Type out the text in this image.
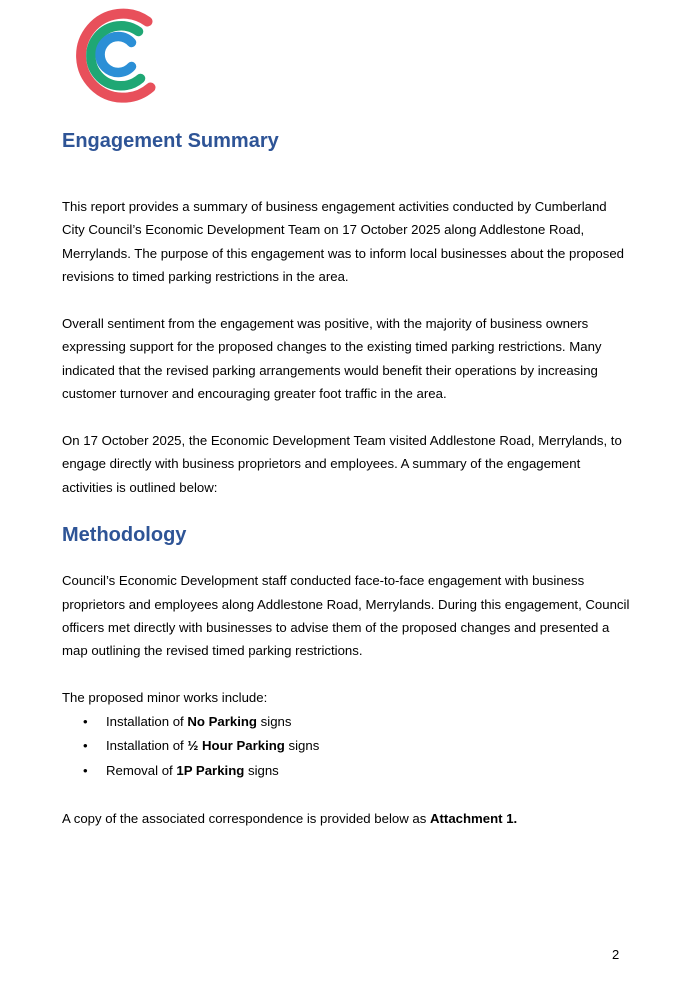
Engagement Summary

This report provides a summary of business engagement activities conducted by Cumberland City Council’s Economic Development Team on 17 October 2025 along Addlestone Road, Merrylands. The purpose of this engagement was to inform local businesses about the proposed revisions to timed parking restrictions in the area.

Overall sentiment from the engagement was positive, with the majority of business owners expressing support for the proposed changes to the existing timed parking restrictions. Many indicated that the revised parking arrangements would benefit their operations by increasing customer turnover and encouraging greater foot traffic in the area.

On 17 October 2025, the Economic Development Team visited Addlestone Road, Merrylands, to engage directly with business proprietors and employees. A summary of the engagement activities is outlined below:

Methodology

Council’s Economic Development staff conducted face-to-face engagement with business proprietors and employees along Addlestone Road, Merrylands. During this engagement, Council officers met directly with businesses to advise them of the proposed changes and presented a map outlining the revised timed parking restrictions.

The proposed minor works include:

• Installation of No Parking signs
• Installation of ½ Hour Parking signs
• Removal of 1P Parking signs

A copy of the associated correspondence is provided below as Attachment 1.

2
